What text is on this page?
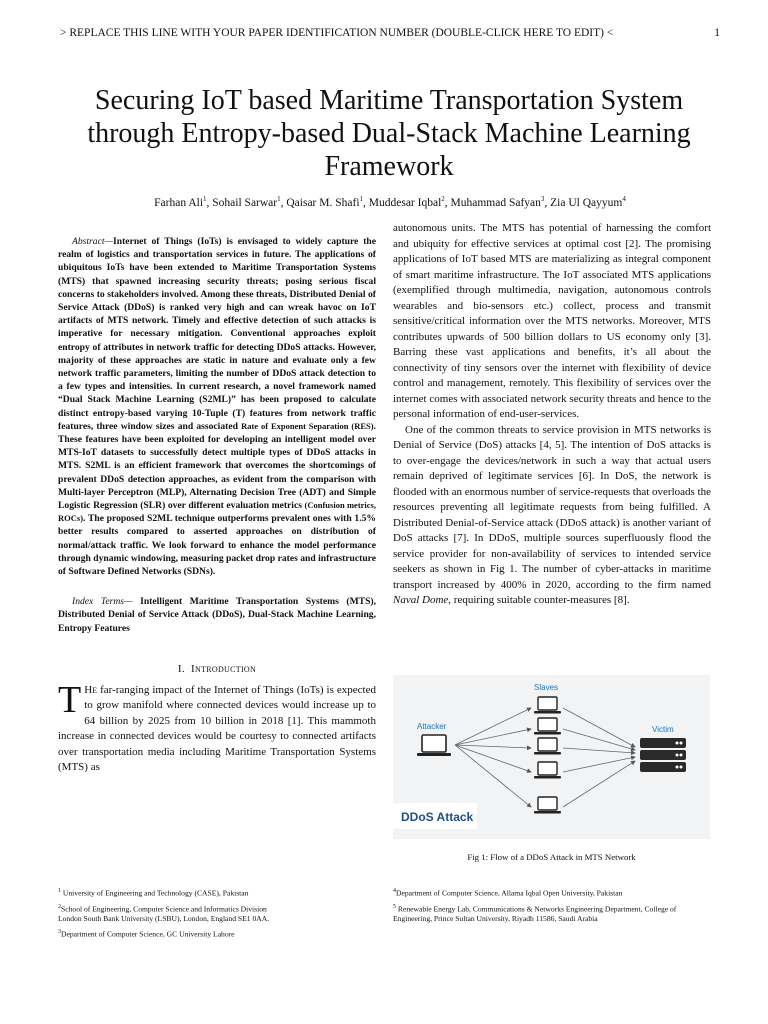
> REPLACE THIS LINE WITH YOUR PAPER IDENTIFICATION NUMBER (DOUBLE-CLICK HERE TO EDIT) <	1
Securing IoT based Maritime Transportation System through Entropy-based Dual-Stack Machine Learning Framework
Farhan Ali$^1$, Sohail Sarwar$^1$, Qaisar M. Shafi$^1$, Muddesar Iqbal$^2$, Muhammad Safyan$^3$, Zia Ul Qayyum$^4$

Abstract—Internet of Things (IoTs) is envisaged to widely capture the realm of logistics and transportation services in future. The applications of ubiquitous IoTs have been extended to Maritime Transportation Systems (MTS) that spawned increasing security threats; posing serious fiscal concerns to stakeholders involved. Among these threats, Distributed Denial of Service Attack (DDoS) is ranked very high and can wreak havoc on IoT artifacts of MTS network. Timely and effective detection of such attacks is imperative for necessary mitigation. Conventional approaches exploit entropy of attributes in network traffic for detecting DDoS attacks. However, majority of these approaches are static in nature and evaluate only a few network traffic parameters, limiting the number of DDoS attack detection to a few types and intensities. In current research, a novel framework named “Dual Stack Machine Learning (S2ML)” has been proposed to calculate distinct entropy-based varying 10-Tuple (T) features from network traffic features, three window sizes and associated Rate of Exponent Separation (RES). These features have been exploited for developing an intelligent model over MTS-IoT datasets to successfully detect multiple types of DDoS attacks in MTS. S2ML is an efficient framework that overcomes the shortcomings of prevalent DDoS detection approaches, as evident from the comparison with Multi-layer Perceptron (MLP), Alternating Decision Tree (ADT) and Simple Logistic Regression (SLR) over different evaluation metrics (Confusion metrics, ROCs). The proposed S2ML technique outperforms prevalent ones with 1.5% better results compared to asserted approaches on distribution of normal/attack traffic. We look forward to enhance the model performance through dynamic windowing, measuring packet drop rates and infrastructure of Software Defined Networks (SDNs).

Index Terms— Intelligent Maritime Transportation Systems (MTS), Distributed Denial of Service Attack (DDoS), Dual-Stack Machine Learning, Entropy Features

I. Introduction

T He far-ranging impact of the Internet of Things (IoTs) is expected to grow manifold where connected devices would increase up to 64 billion by 2025 from 10 billion in 2018 [1]. This mammoth increase in connected devices would be courtesy to connected artifacts over transportation media including Maritime Transportation Systems (MTS) as

autonomous units. The MTS has potential of harnessing the comfort and ubiquity for effective services at optimal cost [2]. The promising applications of IoT based MTS are materializing as integral component of smart maritime infrastructure. The IoT associated MTS applications (exemplified through multimedia, navigation, autonomous controls wearables and bio-sensors etc.) collect, process and transmit sensitive/critical information over the MTS networks. Moreover, MTS contributes upwards of 500 billion dollars to US economy only [3]. Barring these vast applications and benefits, it’s all about the connectivity of tiny sensors over the internet with flexibility of device control and management, remotely. This flexibility of services over the internet comes with associated network security threats and hence to the personal information of end-user-services.

One of the common threats to service provision in MTS networks is Denial of Service (DoS) attacks [4, 5]. The intention of DoS attacks is to over-engage the devices/network in such a way that actual users remain deprived of legitimate services [6]. In DoS, the network is flooded with an enormous number of service-requests that overloads the resources preventing all legitimate requests from being fulfilled. A Distributed Denial-of-Service attack (DDoS attack) is another variant of DoS attacks [7]. In DDoS, multiple sources superfluously flood the service provider for non-availability of services to intended service seekers as shown in Fig 1. The number of cyber-attacks in maritime transport increased by 400% in 2020, according to the firm named Naval Dome, requiring suitable counter-measures [8].

Attacker
Slaves
Victim
DDoS Attack
Fig 1: Flow of a DDoS Attack in MTS Network

$^1$ University of Engineering and Technology (CASE), Pakistan

$^2$School of Engineering, Computer Science and Informatics Division London South Bank University (LSBU), London, England SE1 0AA.

$^3$Department of Computer Science, GC University Lahore

$^4$Department of Computer Science, Allama Iqbal Open University, Pakistan

$^5$ Renewable Energy Lab, Communications & Networks Engineering Department, College of Engineering, Prince Sultan University, Riyadh 11586, Saudi Arabia
